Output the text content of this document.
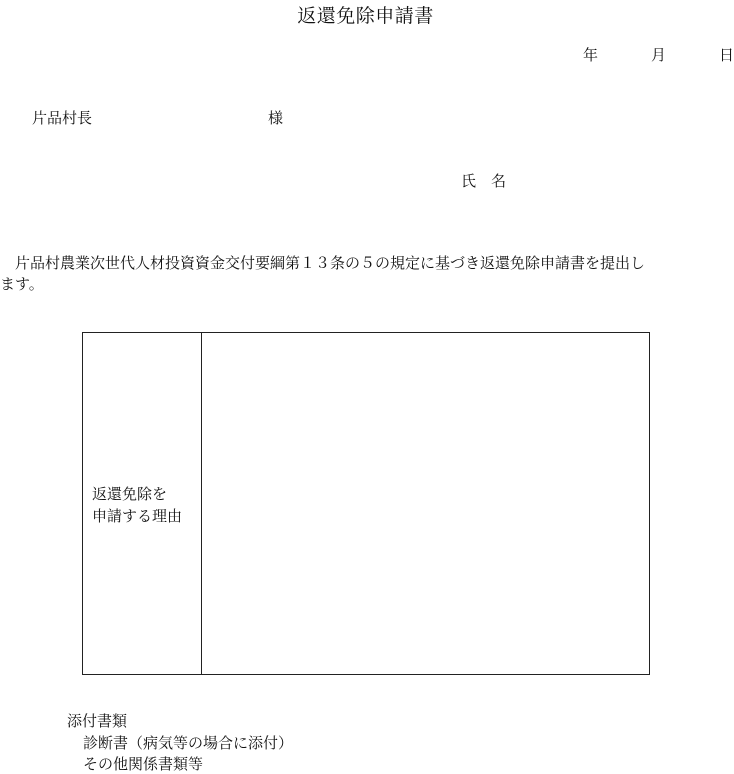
返還免除申請書
年	月	日
片品村長	様
氏　名
　片品村農業次世代人材投資資金交付要綱第１３条の５の規定に基づき返還免除申請書を提出し
ます。
返還免除を
申請する理由
添付書類
診断書（病気等の場合に添付）
その他関係書類等
